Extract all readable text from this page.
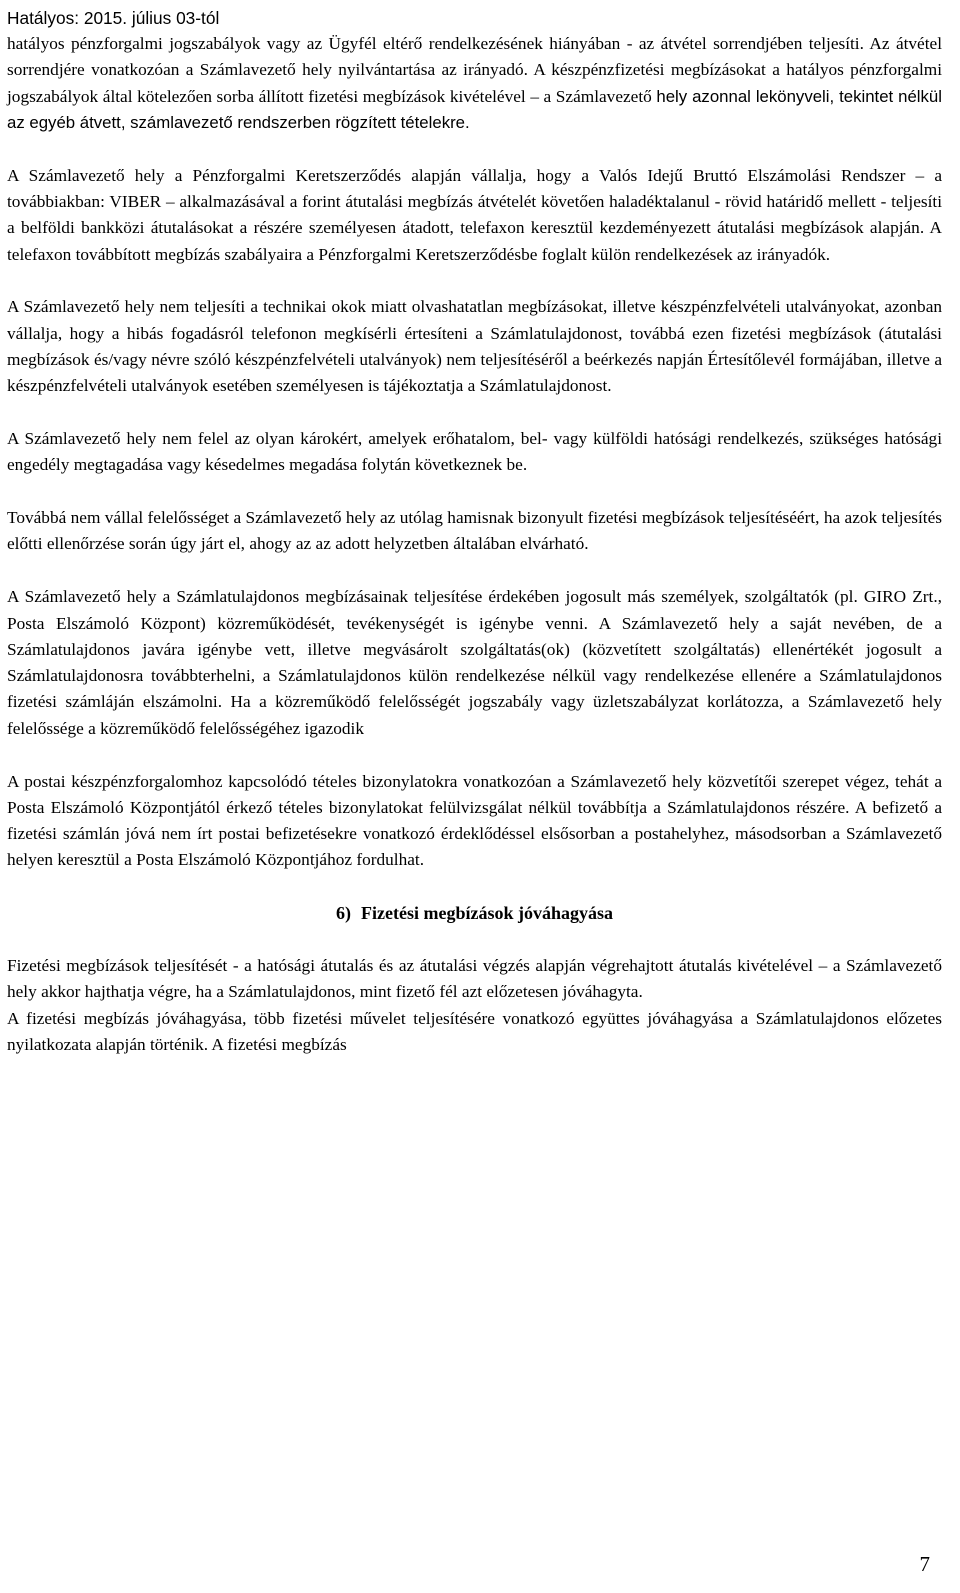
Hatályos: 2015. július 03-tól

hatályos pénzforgalmi jogszabályok vagy az Ügyfél eltérő rendelkezésének hiányában - az átvétel sorrendjében teljesíti. Az átvétel sorrendjére vonatkozóan a Számlavezető hely nyilvántartása az irányadó. A készpénzfizetési megbízásokat a hatályos pénzforgalmi jogszabályok által kötelezően sorba állított fizetési megbízások kivételével – a Számlavezető hely azonnal lekönyveli, tekintet nélkül az egyéb átvett, számlavezető rendszerben rögzített tételekre.

A Számlavezető hely a Pénzforgalmi Keretszerződés alapján vállalja, hogy a Valós Idejű Bruttó Elszámolási Rendszer – a továbbiakban: VIBER – alkalmazásával a forint átutalási megbízás átvételét követően haladéktalanul - rövid határidő mellett - teljesíti a belföldi bankközi átutalásokat a részére személyesen átadott, telefaxon keresztül kezdeményezett átutalási megbízások alapján. A telefaxon továbbított megbízás szabályaira a Pénzforgalmi Keretszerződésbe foglalt külön rendelkezések az irányadók.

A Számlavezető hely nem teljesíti a technikai okok miatt olvashatatlan megbízásokat, illetve készpénzfelvételi utalványokat, azonban vállalja, hogy a hibás fogadásról telefonon megkísérli értesíteni a Számlatulajdonost, továbbá ezen fizetési megbízások (átutalási megbízások és/vagy névre szóló készpénzfelvételi utalványok) nem teljesítéséről a beérkezés napján Értesítőlevél formájában, illetve a készpénzfelvételi utalványok esetében személyesen is tájékoztatja a Számlatulajdonost.

A Számlavezető hely nem felel az olyan károkért, amelyek erőhatalom, bel- vagy külföldi hatósági rendelkezés, szükséges hatósági engedély megtagadása vagy késedelmes megadása folytán következnek be.

Továbbá nem vállal felelősséget a Számlavezető hely az utólag hamisnak bizonyult fizetési megbízások teljesítéséért, ha azok teljesítés előtti ellenőrzése során úgy járt el, ahogy az az adott helyzetben általában elvárható.

A Számlavezető hely a Számlatulajdonos megbízásainak teljesítése érdekében jogosult más személyek, szolgáltatók (pl. GIRO Zrt., Posta Elszámoló Központ) közreműködését, tevékenységét is igénybe venni. A Számlavezető hely a saját nevében, de a Számlatulajdonos javára igénybe vett, illetve megvásárolt szolgáltatás(ok) (közvetített szolgáltatás) ellenértékét jogosult a Számlatulajdonosra továbbterhelni, a Számlatulajdonos külön rendelkezése nélkül vagy rendelkezése ellenére a Számlatulajdonos fizetési számláján elszámolni. Ha a közreműködő felelősségét jogszabály vagy üzletszabályzat korlátozza, a Számlavezető hely felelőssége a közreműködő felelősségéhez igazodik

A postai készpénzforgalomhoz kapcsolódó tételes bizonylatokra vonatkozóan a Számlavezető hely közvetítői szerepet végez, tehát a Posta Elszámoló Központjától érkező tételes bizonylatokat felülvizsgálat nélkül továbbítja a Számlatulajdonos részére. A befizető a fizetési számlán jóvá nem írt postai befizetésekre vonatkozó érdeklődéssel elsősorban a postahelyhez, másodsorban a Számlavezető helyen keresztül a Posta Elszámoló Központjához fordulhat.

6) Fizetési megbízások jóváhagyása

Fizetési megbízások teljesítését - a hatósági átutalás és az átutalási végzés alapján végrehajtott átutalás kivételével – a Számlavezető hely akkor hajthatja végre, ha a Számlatulajdonos, mint fizető fél azt előzetesen jóváhagyta.

A fizetési megbízás jóváhagyása, több fizetési művelet teljesítésére vonatkozó együttes jóváhagyása a Számlatulajdonos előzetes nyilatkozata alapján történik. A fizetési megbízás

7
